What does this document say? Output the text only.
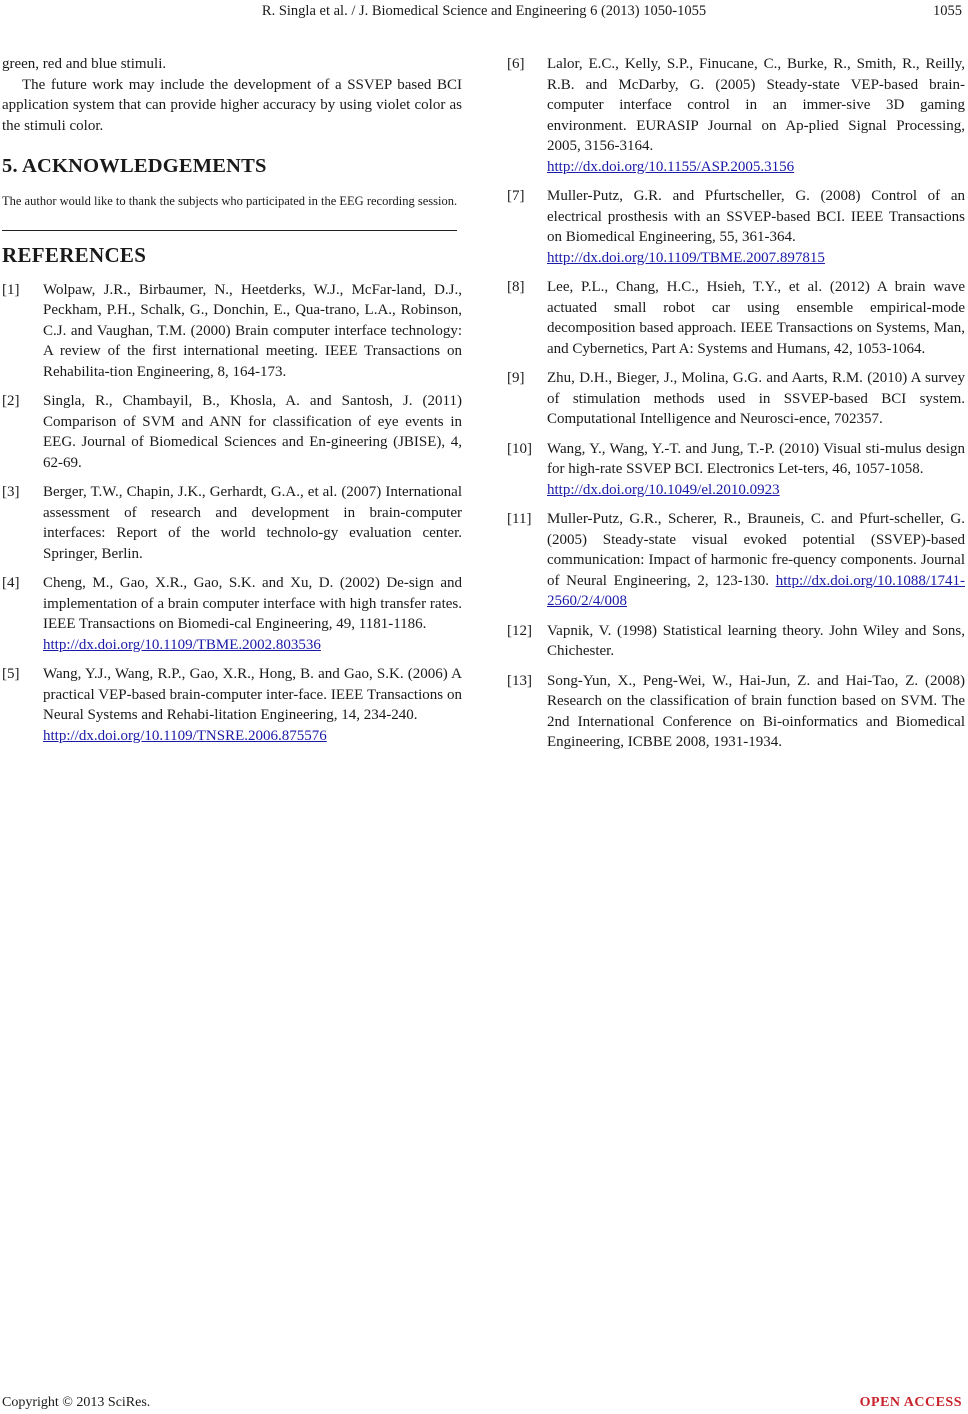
R. Singla et al. / J. Biomedical Science and Engineering 6 (2013) 1050-1055	1055

green, red and blue stimuli.

The future work may include the development of a SSVEP based BCI application system that can provide higher accuracy by using violet color as the stimuli color.

5. ACKNOWLEDGEMENTS
The author would like to thank the subjects who participated in the EEG recording session.
REFERENCES
[1] Wolpaw, J.R., Birbaumer, N., Heetderks, W.J., McFar-land, D.J., Peckham, P.H., Schalk, G., Donchin, E., Qua-trano, L.A., Robinson, C.J. and Vaughan, T.M. (2000) Brain computer interface technology: A review of the first international meeting. IEEE Transactions on Rehabilita-tion Engineering, 8, 164-173.
[2] Singla, R., Chambayil, B., Khosla, A. and Santosh, J. (2011) Comparison of SVM and ANN for classification of eye events in EEG. Journal of Biomedical Sciences and En-gineering (JBISE), 4, 62-69.
[3] Berger, T.W., Chapin, J.K., Gerhardt, G.A., et al. (2007) International assessment of research and development in brain-computer interfaces: Report of the world technolo-gy evaluation center. Springer, Berlin.
[4] Cheng, M., Gao, X.R., Gao, S.K. and Xu, D. (2002) De-sign and implementation of a brain computer interface with high transfer rates. IEEE Transactions on Biomedi-cal Engineering, 49, 1181-1186.
http://dx.doi.org/10.1109/TBME.2002.803536
[5] Wang, Y.J., Wang, R.P., Gao, X.R., Hong, B. and Gao, S.K. (2006) A practical VEP-based brain-computer inter-face. IEEE Transactions on Neural Systems and Rehabi-litation Engineering, 14, 234-240.
http://dx.doi.org/10.1109/TNSRE.2006.875576
[6] Lalor, E.C., Kelly, S.P., Finucane, C., Burke, R., Smith, R., Reilly, R.B. and McDarby, G. (2005) Steady-state VEP-based brain-computer interface control in an immer-sive 3D gaming environment. EURASIP Journal on Ap-plied Signal Processing, 2005, 3156-3164.
http://dx.doi.org/10.1155/ASP.2005.3156
[7] Muller-Putz, G.R. and Pfurtscheller, G. (2008) Control of an electrical prosthesis with an SSVEP-based BCI. IEEE Transactions on Biomedical Engineering, 55, 361-364.
http://dx.doi.org/10.1109/TBME.2007.897815
[8] Lee, P.L., Chang, H.C., Hsieh, T.Y., et al. (2012) A brain wave actuated small robot car using ensemble empirical-mode decomposition based approach. IEEE Transactions on Systems, Man, and Cybernetics, Part A: Systems and Humans, 42, 1053-1064.
[9] Zhu, D.H., Bieger, J., Molina, G.G. and Aarts, R.M. (2010) A survey of stimulation methods used in SSVEP-based BCI system. Computational Intelligence and Neurosci-ence, 702357.
[10] Wang, Y., Wang, Y.-T. and Jung, T.-P. (2010) Visual sti-mulus design for high-rate SSVEP BCI. Electronics Let-ters, 46, 1057-1058.
http://dx.doi.org/10.1049/el.2010.0923
[11] Muller-Putz, G.R., Scherer, R., Brauneis, C. and Pfurt-scheller, G. (2005) Steady-state visual evoked potential (SSVEP)-based communication: Impact of harmonic fre-quency components. Journal of Neural Engineering, 2, 123-130. http://dx.doi.org/10.1088/1741-2560/2/4/008
[12] Vapnik, V. (1998) Statistical learning theory. John Wiley and Sons, Chichester.
[13] Song-Yun, X., Peng-Wei, W., Hai-Jun, Z. and Hai-Tao, Z. (2008) Research on the classification of brain function based on SVM. The 2nd International Conference on Bi-oinformatics and Biomedical Engineering, ICBBE 2008, 1931-1934.
Copyright © 2013 SciRes.	OPEN ACCESS
